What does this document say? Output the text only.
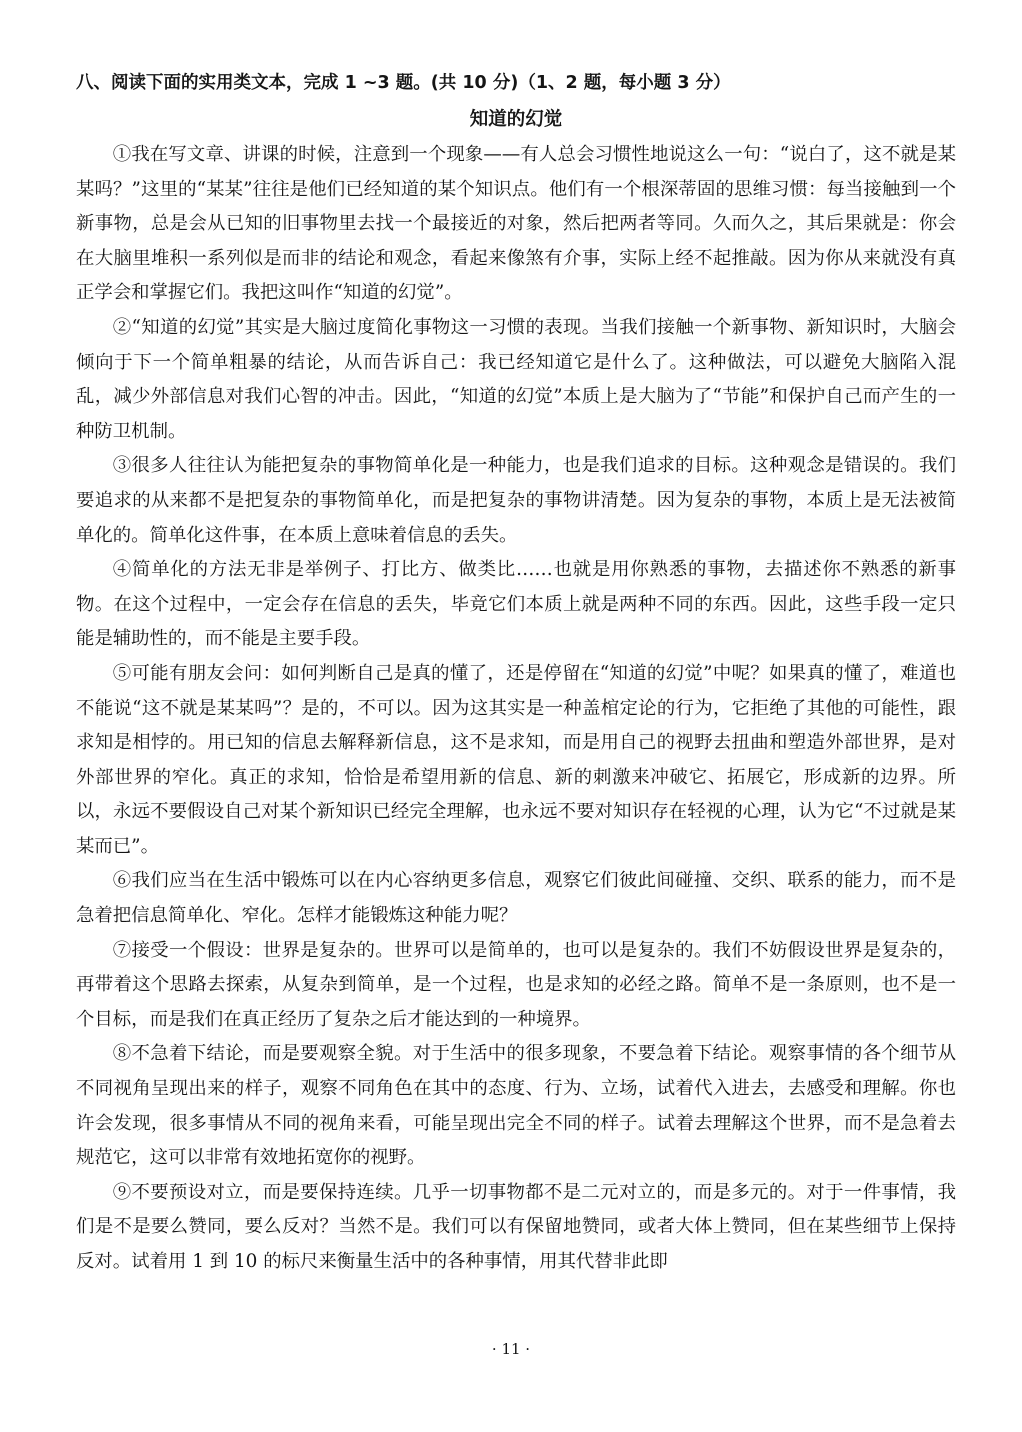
八、阅读下面的实用类文本，完成 1 ~3 题。(共 10 分)（1、2 题，每小题 3 分）
知道的幻觉

①我在写文章、讲课的时候，注意到一个现象——有人总会习惯性地说这么一句：“说白了，这不就是某某吗？”这里的“某某”往往是他们已经知道的某个知识点。他们有一个根深蒂固的思维习惯：每当接触到一个新事物，总是会从已知的旧事物里去找一个最接近的对象，然后把两者等同。久而久之，其后果就是：你会在大脑里堆积一系列似是而非的结论和观念，看起来像煞有介事，实际上经不起推敲。因为你从来就没有真正学会和掌握它们。我把这叫作“知道的幻觉”。

②“知道的幻觉”其实是大脑过度简化事物这一习惯的表现。当我们接触一个新事物、新知识时，大脑会倾向于下一个简单粗暴的结论，从而告诉自己：我已经知道它是什么了。这种做法，可以避免大脑陷入混乱，减少外部信息对我们心智的冲击。因此，“知道的幻觉”本质上是大脑为了“节能”和保护自己而产生的一种防卫机制。

③很多人往往认为能把复杂的事物简单化是一种能力，也是我们追求的目标。这种观念是错误的。我们要追求的从来都不是把复杂的事物简单化，而是把复杂的事物讲清楚。因为复杂的事物，本质上是无法被简单化的。简单化这件事，在本质上意味着信息的丢失。

④简单化的方法无非是举例子、打比方、做类比……也就是用你熟悉的事物，去描述你不熟悉的新事物。在这个过程中，一定会存在信息的丢失，毕竟它们本质上就是两种不同的东西。因此，这些手段一定只能是辅助性的，而不能是主要手段。

⑤可能有朋友会问：如何判断自己是真的懂了，还是停留在“知道的幻觉”中呢？如果真的懂了，难道也不能说“这不就是某某吗”？是的，不可以。因为这其实是一种盖棺定论的行为，它拒绝了其他的可能性，跟求知是相悖的。用已知的信息去解释新信息，这不是求知，而是用自己的视野去扭曲和塑造外部世界，是对外部世界的窄化。真正的求知，恰恰是希望用新的信息、新的刺激来冲破它、拓展它，形成新的边界。所以，永远不要假设自己对某个新知识已经完全理解，也永远不要对知识存在轻视的心理，认为它“不过就是某某而已”。

⑥我们应当在生活中锻炼可以在内心容纳更多信息，观察它们彼此间碰撞、交织、联系的能力，而不是急着把信息简单化、窄化。怎样才能锻炼这种能力呢？

⑦接受一个假设：世界是复杂的。世界可以是简单的，也可以是复杂的。我们不妨假设世界是复杂的，再带着这个思路去探索，从复杂到简单，是一个过程，也是求知的必经之路。简单不是一条原则，也不是一个目标，而是我们在真正经历了复杂之后才能达到的一种境界。

⑧不急着下结论，而是要观察全貌。对于生活中的很多现象，不要急着下结论。观察事情的各个细节从不同视角呈现出来的样子，观察不同角色在其中的态度、行为、立场，试着代入进去，去感受和理解。你也许会发现，很多事情从不同的视角来看，可能呈现出完全不同的样子。试着去理解这个世界，而不是急着去规范它，这可以非常有效地拓宽你的视野。

⑨不要预设对立，而是要保持连续。几乎一切事物都不是二元对立的，而是多元的。对于一件事情，我们是不是要么赞同，要么反对？当然不是。我们可以有保留地赞同，或者大体上赞同，但在某些细节上保持反对。试着用 1 到 10 的标尺来衡量生活中的各种事情，用其代替非此即

· 11 ·
